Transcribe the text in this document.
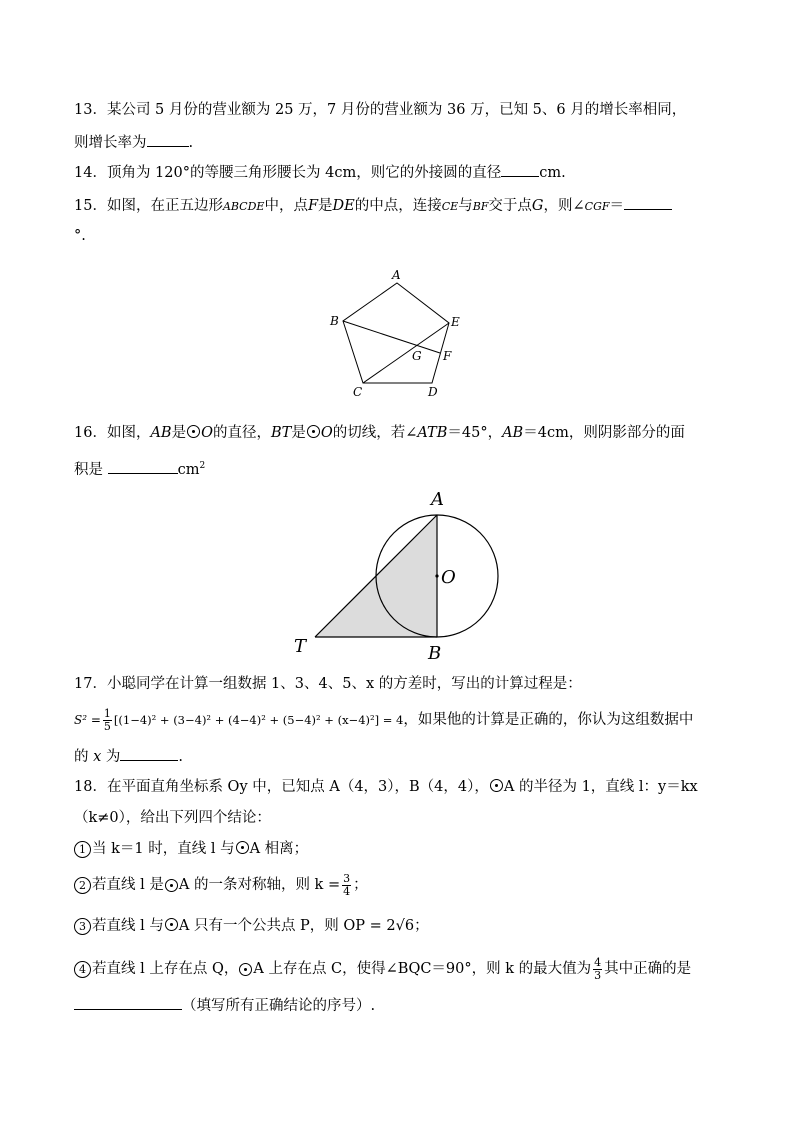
13．某公司 5 月份的营业额为 25 万，7 月份的营业额为 36 万，已知 5、6 月的增长率相同，
则增长率为	.
14．顶角为 120°的等腰三角形腰长为 4cm，则它的外接圆的直径	cm.
15．如图，在正五边形ABCDE中，点F是DE的中点，连接CE与BF交于点G，则∠CGF＝
°.
A
B
C	D
E
F
G
16．如图，AB是 O的直径，BT是 O的切线，若∠ATB＝45°，AB＝4cm，则阴影部分的面
积是	$cm^2$
A
O
T	B
17．小聪同学在计算一组数据 1、3、4、5、x 的方差时，写出的计算过程是：
$S^2 = \frac{1}{5} [(1-4)^2 + (3-4)^2 + (4-4)^2 + (5-4)^2 + (x-4)^2] = 4$ ，如果他的计算是正确的，你认为这组数据中
的 x 为	.
18．在平面直角坐标系 Oy 中，已知点 A（4，3），B（4，4）， A 的半径为 1，直线 l：y＝kx
（k≠0），给出下列四个结论：
1 当 k＝1 时，直线 l 与 A 相离；
2 若直线 l 是 A 的一条对称轴，则 $k = \frac{3}{4}$ ；
3 若直线 l 与 A 只有一个公共点 P，则 OP = 2√6；
4 若直线 l 上存在点 Q， A 上存在点 C，使得∠BQC＝90°，则 k 的最大值为 $\frac{4}{3}$ 其中正确的是
（填写所有正确结论的序号）.
